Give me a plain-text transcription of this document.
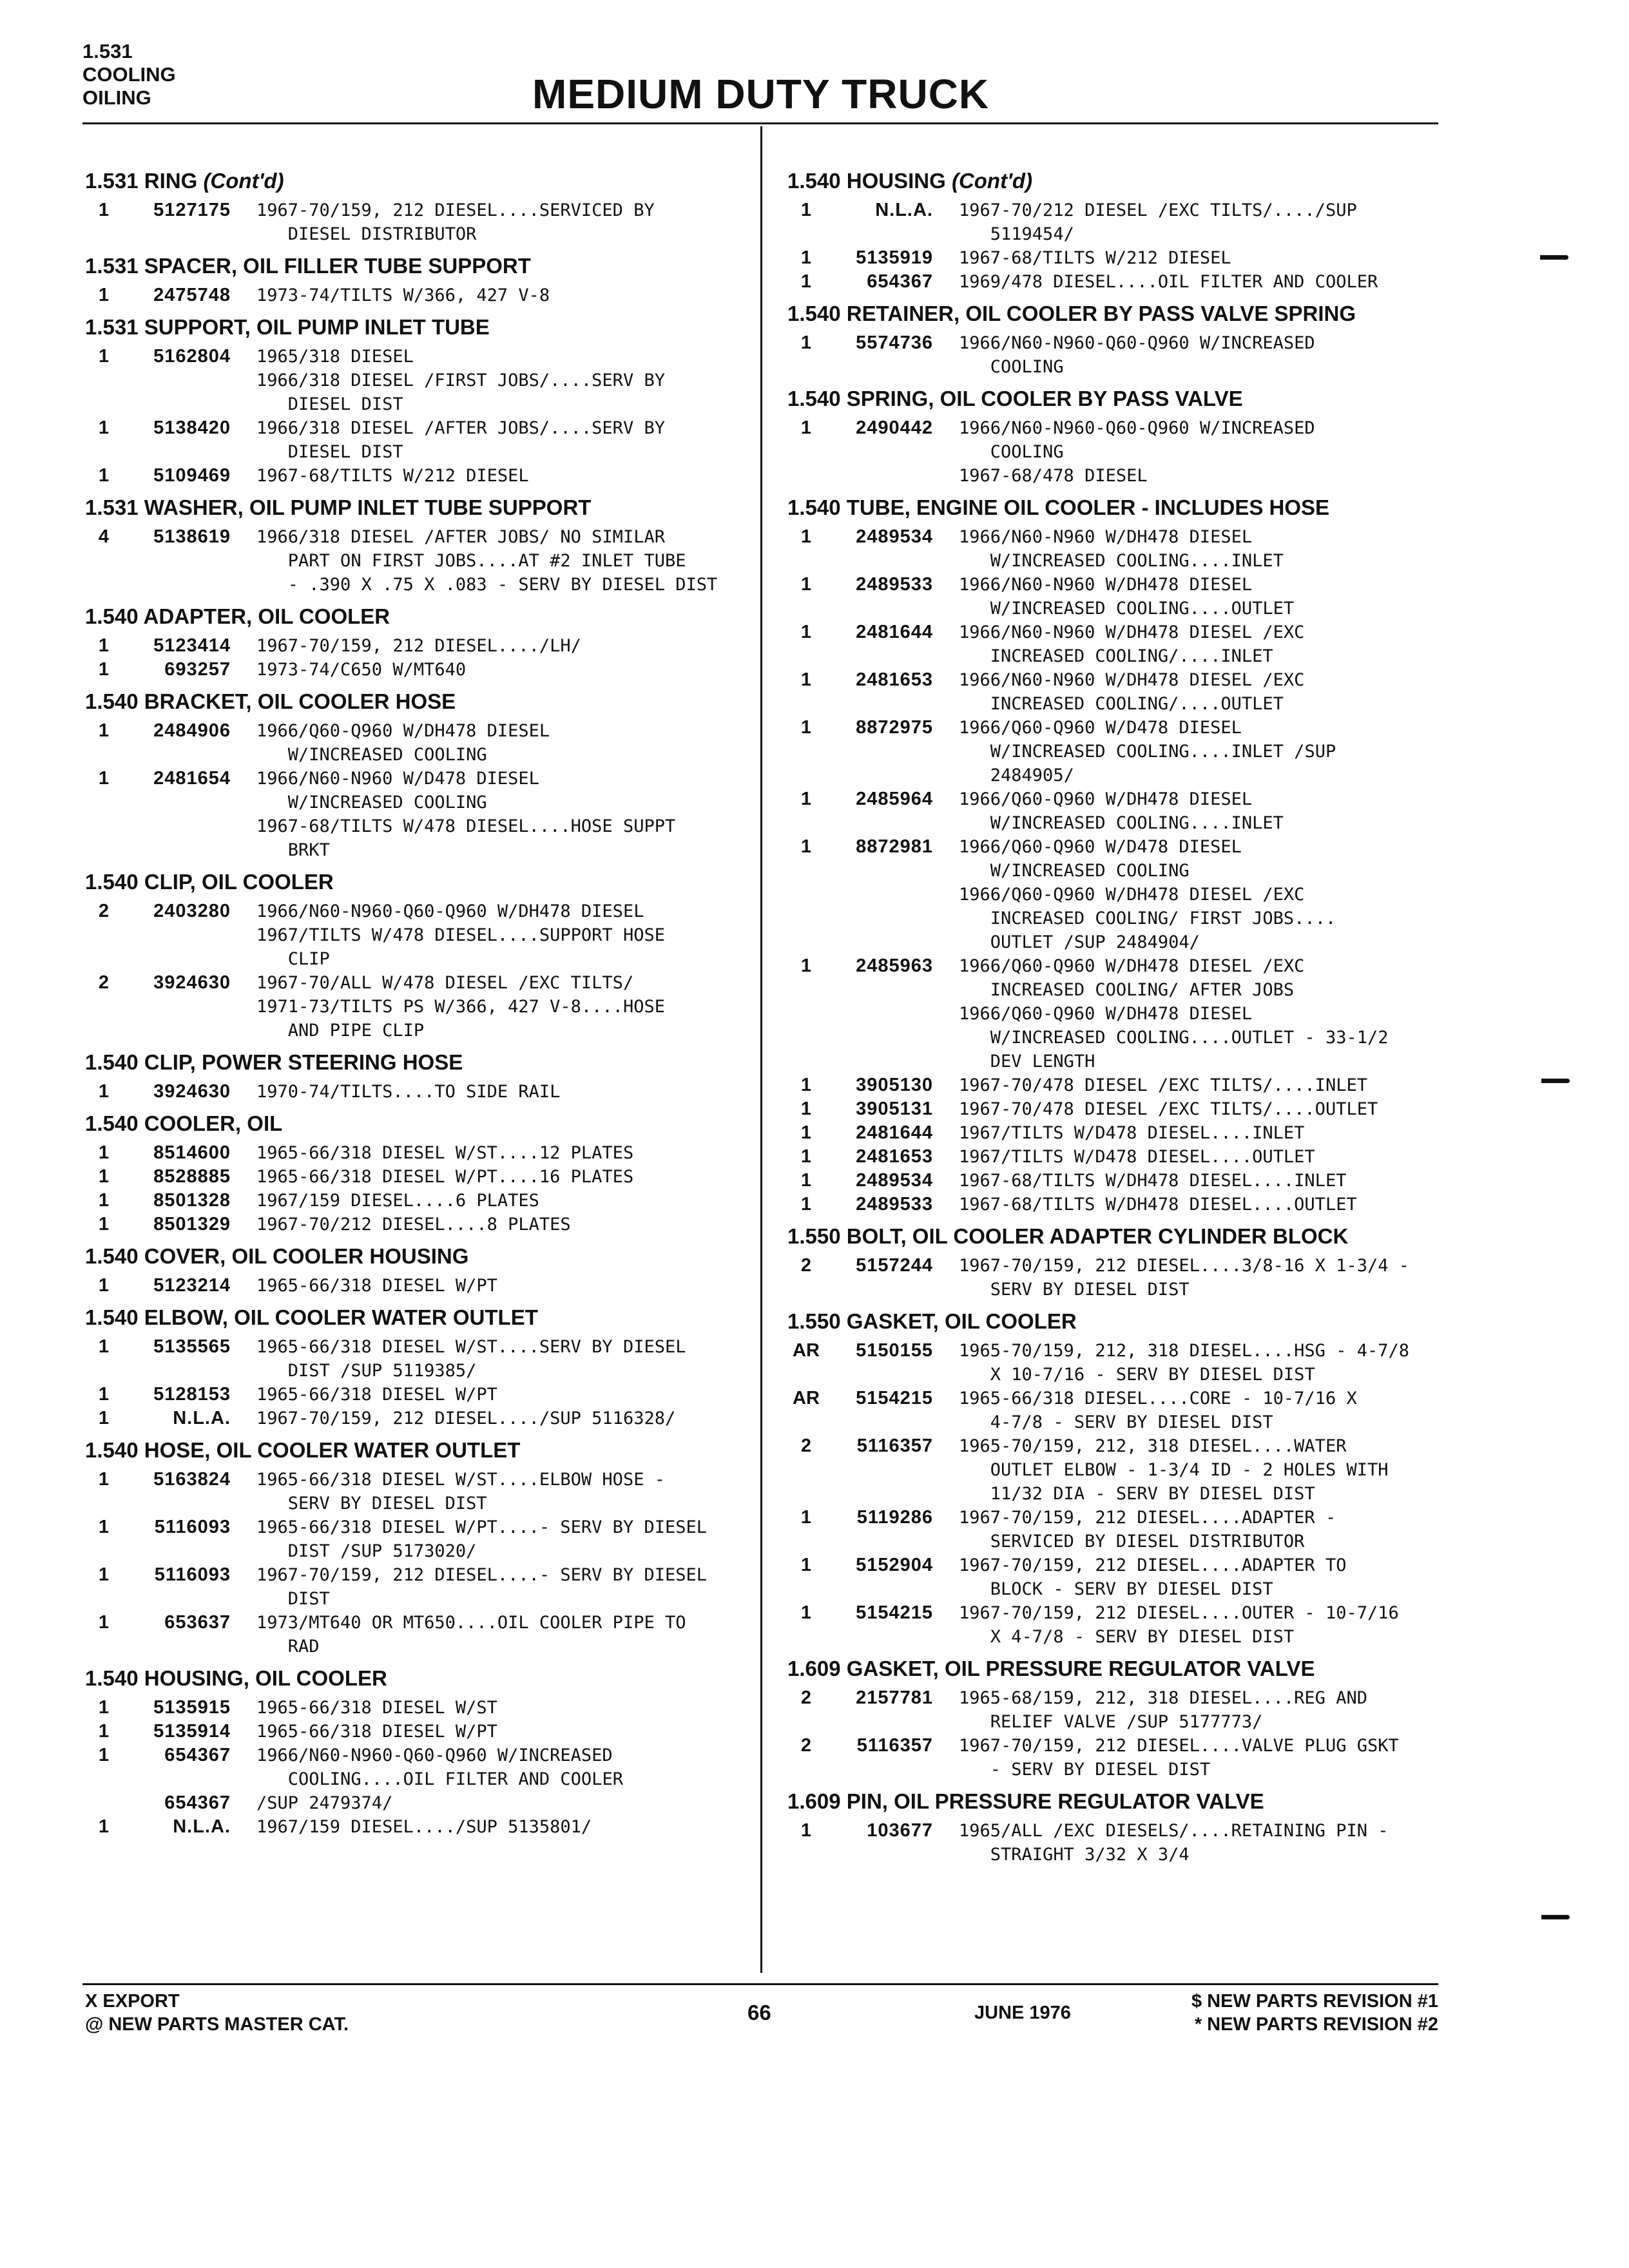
1.531
COOLING
OILING	MEDIUM DUTY TRUCK
1.531 RING (Cont'd)
1	5127175	1967-70/159, 212 DIESEL....SERVICED BY
DIESEL DISTRIBUTOR
1.531 SPACER, OIL FILLER TUBE SUPPORT
1	2475748	1973-74/TILTS W/366, 427 V-8
1.531 SUPPORT, OIL PUMP INLET TUBE
1	5162804	1965/318 DIESEL
1966/318 DIESEL /FIRST JOBS/....SERV BY
DIESEL DIST
1	5138420	1966/318 DIESEL /AFTER JOBS/....SERV BY
DIESEL DIST
1	5109469	1967-68/TILTS W/212 DIESEL
1.531 WASHER, OIL PUMP INLET TUBE SUPPORT
4	5138619	1966/318 DIESEL /AFTER JOBS/ NO SIMILAR
PART ON FIRST JOBS....AT #2 INLET TUBE
- .390 X .75 X .083 - SERV BY DIESEL DIST
1.540 ADAPTER, OIL COOLER
1	5123414	1967-70/159, 212 DIESEL..../LH/
1	693257	1973-74/C650 W/MT640
1.540 BRACKET, OIL COOLER HOSE
1	2484906	1966/Q60-Q960 W/DH478 DIESEL
W/INCREASED COOLING
1	2481654	1966/N60-N960 W/D478 DIESEL
W/INCREASED COOLING
1967-68/TILTS W/478 DIESEL....HOSE SUPPT
BRKT
1.540 CLIP, OIL COOLER
2	2403280	1966/N60-N960-Q60-Q960 W/DH478 DIESEL
1967/TILTS W/478 DIESEL....SUPPORT HOSE
CLIP
2	3924630	1967-70/ALL W/478 DIESEL /EXC TILTS/
1971-73/TILTS PS W/366, 427 V-8....HOSE
AND PIPE CLIP
1.540 CLIP, POWER STEERING HOSE
1	3924630	1970-74/TILTS....TO SIDE RAIL
1.540 COOLER, OIL
1	8514600	1965-66/318 DIESEL W/ST....12 PLATES
1	8528885	1965-66/318 DIESEL W/PT....16 PLATES
1	8501328	1967/159 DIESEL....6 PLATES
1	8501329	1967-70/212 DIESEL....8 PLATES
1.540 COVER, OIL COOLER HOUSING
1	5123214	1965-66/318 DIESEL W/PT
1.540 ELBOW, OIL COOLER WATER OUTLET
1	5135565	1965-66/318 DIESEL W/ST....SERV BY DIESEL
DIST /SUP 5119385/
1	5128153	1965-66/318 DIESEL W/PT
1	N.L.A.	1967-70/159, 212 DIESEL..../SUP 5116328/
1.540 HOSE, OIL COOLER WATER OUTLET
1	5163824	1965-66/318 DIESEL W/ST....ELBOW HOSE -
SERV BY DIESEL DIST
1	5116093	1965-66/318 DIESEL W/PT....- SERV BY DIESEL
DIST /SUP 5173020/
1	5116093	1967-70/159, 212 DIESEL....- SERV BY DIESEL
DIST
1	653637	1973/MT640 OR MT650....OIL COOLER PIPE TO
RAD
1.540 HOUSING, OIL COOLER
1	5135915	1965-66/318 DIESEL W/ST
1	5135914	1965-66/318 DIESEL W/PT
1	654367	1966/N60-N960-Q60-Q960 W/INCREASED
COOLING....OIL FILTER AND COOLER
654367	/SUP 2479374/
1	N.L.A.	1967/159 DIESEL..../SUP 5135801/
1.540 HOUSING (Cont'd)
1	N.L.A.	1967-70/212 DIESEL /EXC TILTS/..../SUP
5119454/
1	5135919	1967-68/TILTS W/212 DIESEL
1	654367	1969/478 DIESEL....OIL FILTER AND COOLER
1.540 RETAINER, OIL COOLER BY PASS VALVE SPRING
1	5574736	1966/N60-N960-Q60-Q960 W/INCREASED
COOLING
1.540 SPRING, OIL COOLER BY PASS VALVE
1	2490442	1966/N60-N960-Q60-Q960 W/INCREASED
COOLING
1967-68/478 DIESEL
1.540 TUBE, ENGINE OIL COOLER - INCLUDES HOSE
1	2489534	1966/N60-N960 W/DH478 DIESEL
W/INCREASED COOLING....INLET
1	2489533	1966/N60-N960 W/DH478 DIESEL
W/INCREASED COOLING....OUTLET
1	2481644	1966/N60-N960 W/DH478 DIESEL /EXC
INCREASED COOLING/....INLET
1	2481653	1966/N60-N960 W/DH478 DIESEL /EXC
INCREASED COOLING/....OUTLET
1	8872975	1966/Q60-Q960 W/D478 DIESEL
W/INCREASED COOLING....INLET /SUP
2484905/
1	2485964	1966/Q60-Q960 W/DH478 DIESEL
W/INCREASED COOLING....INLET
1	8872981	1966/Q60-Q960 W/D478 DIESEL
W/INCREASED COOLING
1966/Q60-Q960 W/DH478 DIESEL /EXC
INCREASED COOLING/ FIRST JOBS....
OUTLET /SUP 2484904/
1	2485963	1966/Q60-Q960 W/DH478 DIESEL /EXC
INCREASED COOLING/ AFTER JOBS
1966/Q60-Q960 W/DH478 DIESEL
W/INCREASED COOLING....OUTLET - 33-1/2
DEV LENGTH
1	3905130	1967-70/478 DIESEL /EXC TILTS/....INLET
1	3905131	1967-70/478 DIESEL /EXC TILTS/....OUTLET
1	2481644	1967/TILTS W/D478 DIESEL....INLET
1	2481653	1967/TILTS W/D478 DIESEL....OUTLET
1	2489534	1967-68/TILTS W/DH478 DIESEL....INLET
1	2489533	1967-68/TILTS W/DH478 DIESEL....OUTLET
1.550 BOLT, OIL COOLER ADAPTER CYLINDER BLOCK
2	5157244	1967-70/159, 212 DIESEL....3/8-16 X 1-3/4 -
SERV BY DIESEL DIST
1.550 GASKET, OIL COOLER
AR	5150155	1965-70/159, 212, 318 DIESEL....HSG - 4-7/8
X 10-7/16 - SERV BY DIESEL DIST
AR	5154215	1965-66/318 DIESEL....CORE - 10-7/16 X
4-7/8 - SERV BY DIESEL DIST
2	5116357	1965-70/159, 212, 318 DIESEL....WATER
OUTLET ELBOW - 1-3/4 ID - 2 HOLES WITH
11/32 DIA - SERV BY DIESEL DIST
1	5119286	1967-70/159, 212 DIESEL....ADAPTER -
SERVICED BY DIESEL DISTRIBUTOR
1	5152904	1967-70/159, 212 DIESEL....ADAPTER TO
BLOCK - SERV BY DIESEL DIST
1	5154215	1967-70/159, 212 DIESEL....OUTER - 10-7/16
X 4-7/8 - SERV BY DIESEL DIST
1.609 GASKET, OIL PRESSURE REGULATOR VALVE
2	2157781	1965-68/159, 212, 318 DIESEL....REG AND
RELIEF VALVE /SUP 5177773/
2	5116357	1967-70/159, 212 DIESEL....VALVE PLUG GSKT
- SERV BY DIESEL DIST
1.609 PIN, OIL PRESSURE REGULATOR VALVE
1	103677	1965/ALL /EXC DIESELS/....RETAINING PIN -
STRAIGHT 3/32 X 3/4
X EXPORT
@ NEW PARTS MASTER CAT.	66	JUNE 1976
$ NEW PARTS REVISION #1
* NEW PARTS REVISION #2
